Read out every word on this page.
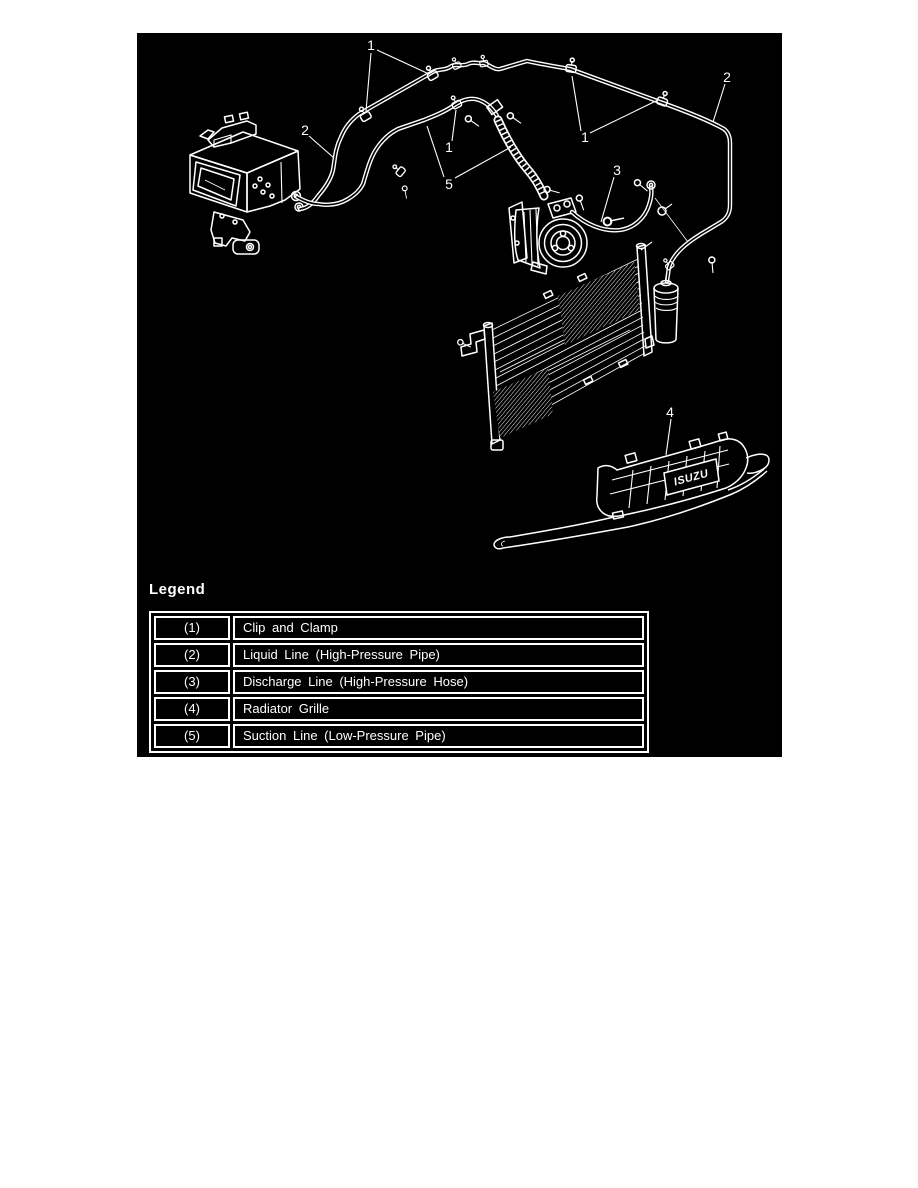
ISUZU
1
2
1
3
1
5
2
4
Legend
(1)	Clip and Clamp
(2)	Liquid Line (High-Pressure Pipe)
(3)	Discharge Line (High-Pressure Hose)
(4)	Radiator Grille
(5)	Suction Line (Low-Pressure Pipe)
